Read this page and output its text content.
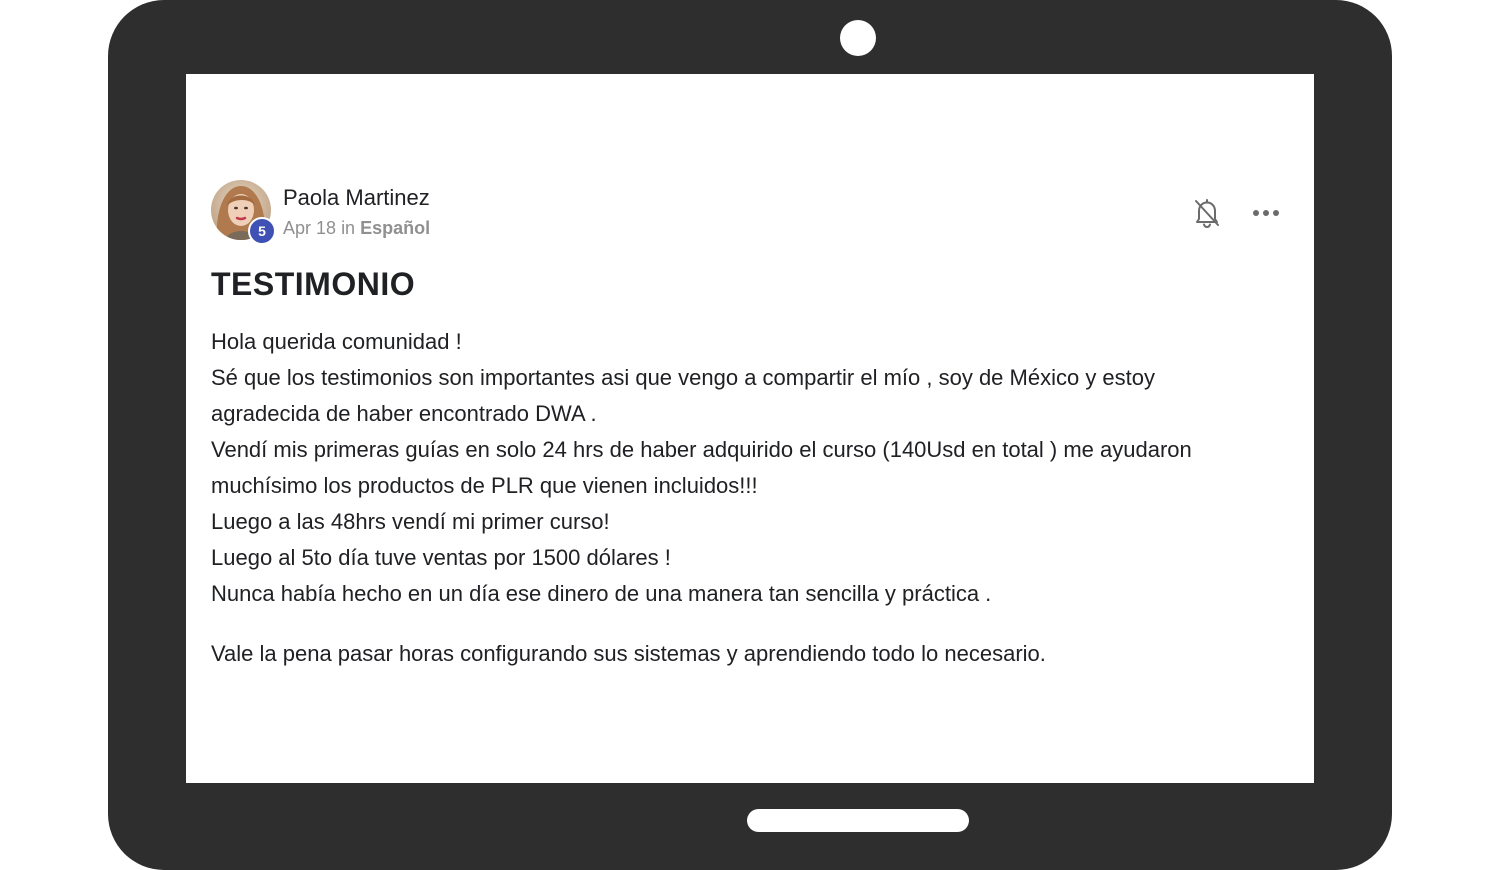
5
Paola Martinez
Apr 18 in Español
TESTIMONIO
Hola querida comunidad !
Sé que los testimonios son importantes asi que vengo a compartir el mío , soy de México y estoy
agradecida de haber encontrado DWA .
Vendí mis primeras guías en solo 24 hrs de haber adquirido el curso (140Usd en total ) me ayudaron
muchísimo los productos de PLR que vienen incluidos!!!
Luego a las 48hrs vendí mi primer curso!
Luego al 5to día tuve ventas por 1500 dólares !
Nunca había hecho en un día ese dinero de una manera tan sencilla y práctica .
Vale la pena pasar horas configurando sus sistemas y aprendiendo todo lo necesario.
